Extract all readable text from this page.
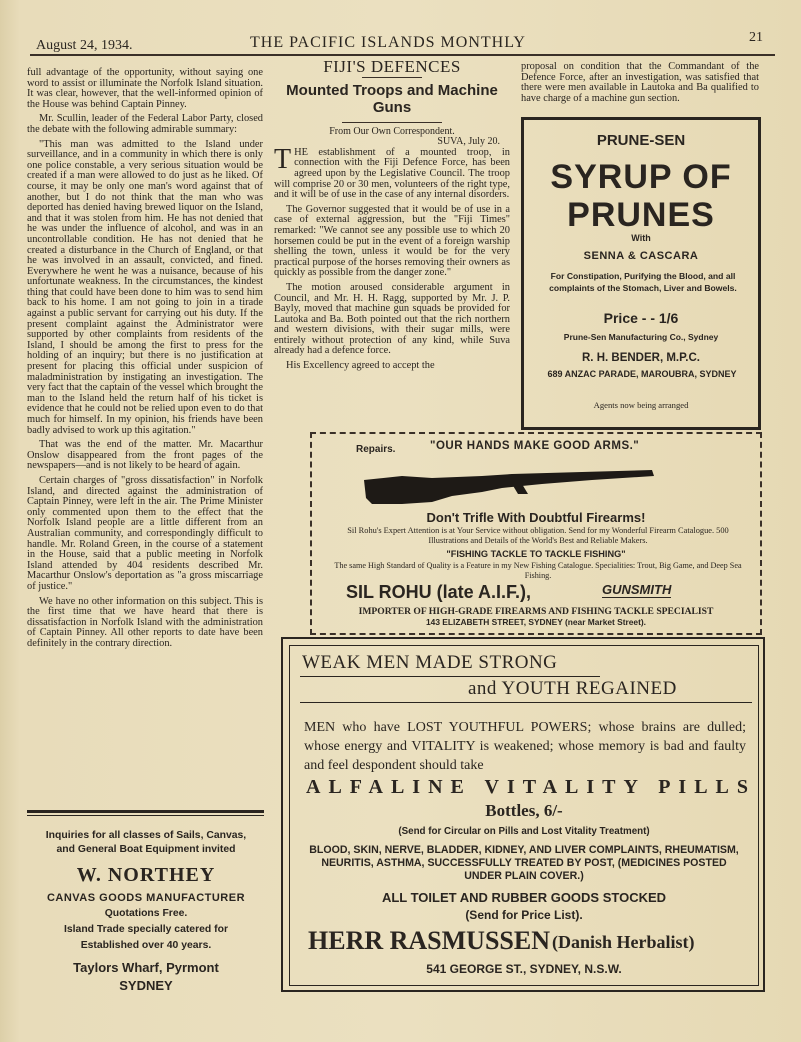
August 24, 1934.	THE PACIFIC ISLANDS MONTHLY	21

full advantage of the opportunity, without saying one word to assist or illuminate the Norfolk Island situation. It was clear, however, that the well-informed opinion of the House was behind Captain Pinney.

Mr. Scullin, leader of the Federal Labor Party, closed the debate with the following admirable summary:

"This man was admitted to the Island under surveillance, and in a community in which there is only one police constable, a very serious situation would be created if a man were allowed to do just as he liked. Of course, it may be only one man's word against that of another, but I do not think that the man who was deported has denied having brewed liquor on the Island, and that it was stolen from him. He has not denied that he was under the influence of alcohol, and was in an uncontrollable condition. He has not denied that he created a disturbance in the Church of England, or that he was involved in an assault, convicted, and fined. Everywhere he went he was a nuisance, because of his unfortunate weakness. In the circumstances, the kindest thing that could have been done to him was to send him back to his home. I am not going to join in a tirade against a public servant for carrying out his duty. If the present complaint against the Administrator were supported by other complaints from residents of the Island, I should be among the first to press for the holding of an inquiry; but there is no justification at present for placing this official under suspicion of maladministration by instigating an investigation. The very fact that the captain of the vessel which brought the man to the Island held the return half of his ticket is evidence that he could not be relied upon even to do that much for himself. In my opinion, his friends have been badly advised to work up this agitation."

That was the end of the matter. Mr. Macarthur Onslow disappeared from the front pages of the newspapers—and is not likely to be heard of again.

Certain charges of "gross dissatisfaction" in Norfolk Island, and directed against the administration of Captain Pinney, were left in the air. The Prime Minister only commented upon them to the effect that the Norfolk Island people are a little different from an Australian community, and correspondingly difficult to handle. Mr. Roland Green, in the course of a statement in the House, said that a public meeting in Norfolk Island attended by 404 residents described Mr. Macarthur Onslow's deportation as "a gross miscarriage of justice."

We have no other information on this subject. This is the first time that we have heard that there is dissatisfaction in Norfolk Island with the administration of Captain Pinney. All other reports to date have been definitely in the contrary direction.

FIJI'S DEFENCES
Mounted Troops and Machine Guns
From Our Own Correspondent.
SUVA, July 20.

THE establishment of a mounted troop, in connection with the Fiji Defence Force, has been agreed upon by the Legislative Council. The troop will comprise 20 or 30 men, volunteers of the right type, and it will be of use in the case of any internal disorders.

The Governor suggested that it would be of use in a case of external aggression, but the "Fiji Times" remarked: "We cannot see any possible use to which 20 horsemen could be put in the event of a foreign warship shelling the town, unless it would be for the very practical purpose of the horses removing their owners as quickly as possible from the danger zone."

The motion aroused considerable argument in Council, and Mr. H. H. Ragg, supported by Mr. J. P. Bayly, moved that machine gun squads be provided for Lautoka and Ba. Both pointed out that the rich northern and western divisions, with their sugar mills, were entirely without protection of any kind, while Suva already had a defence force.

His Excellency agreed to accept the

proposal on condition that the Commandant of the Defence Force, after an investigation, was satisfied that there were men available in Lautoka and Ba qualified to have charge of a machine gun section.

PRUNE-SEN
SYRUP OF
PRUNES
With
SENNA & CASCARA
For Constipation, Purifying the Blood, and all complaints of the Stomach, Liver and Bowels.
Price - - 1/6
Prune-Sen Manufacturing Co., Sydney
R. H. BENDER, M.P.C.
689 ANZAC PARADE, MAROUBRA, SYDNEY
Agents now being arranged
Repairs.	"OUR HANDS MAKE GOOD ARMS."
Don't Trifle With Doubtful Firearms!
Sil Rohu's Expert Attention is at Your Service without obligation. Send for my Wonderful Firearm Catalogue. 500 Illustrations and Details of the World's Best and Reliable Makers.
"FISHING TACKLE TO TACKLE FISHING"
The same High Standard of Quality is a Feature in my New Fishing Catalogue. Specialities: Trout, Big Game, and Deep Sea Fishing.
SIL ROHU (late A.I.F.),	GUNSMITH
IMPORTER OF HIGH-GRADE FIREARMS AND FISHING TACKLE SPECIALIST
143 ELIZABETH STREET, SYDNEY (near Market Street).
Inquiries for all classes of Sails, Canvas,
and General Boat Equipment invited
W. NORTHEY
CANVAS GOODS MANUFACTURER
Quotations Free.
Island Trade specially catered for
Established over 40 years.
Taylors Wharf, Pyrmont
SYDNEY
WEAK MEN MADE STRONG
and YOUTH REGAINED
MEN who have LOST YOUTHFUL POWERS; whose brains are dulled; whose energy and VITALITY is weakened; whose memory is bad and faulty and feel despondent should take
ALFALINE VITALITY PILLS
Bottles, 6/-
(Send for Circular on Pills and Lost Vitality Treatment)
BLOOD, SKIN, NERVE, BLADDER, KIDNEY, AND LIVER COMPLAINTS, RHEUMATISM, NEURITIS, ASTHMA, SUCCESSFULLY TREATED BY POST, (MEDICINES POSTED UNDER PLAIN COVER.)
ALL TOILET AND RUBBER GOODS STOCKED
(Send for Price List).
HERR RASMUSSEN (Danish Herbalist)
541 GEORGE ST., SYDNEY, N.S.W.
